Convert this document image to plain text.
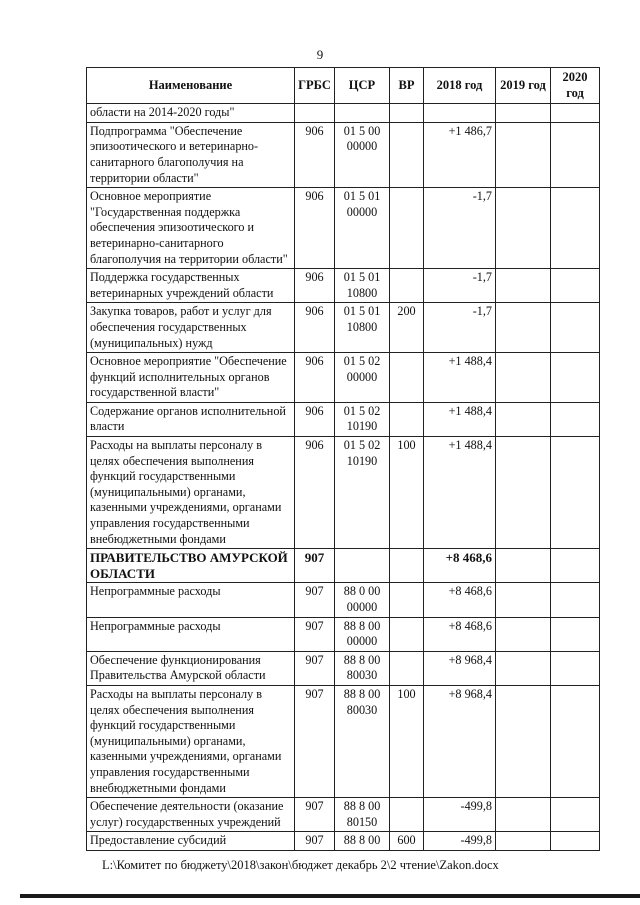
9
Наименование	ГРБС	ЦСР	ВР	2018 год	2019 год	2020 год
области на 2014-2020 годы"						
Подпрограмма "Обеспечение эпизоотического и ветеринарно-санитарного благополучия на территории области"	906	01 5 00 00000		+1 486,7		
Основное мероприятие "Государственная поддержка обеспечения эпизоотического и ветеринарно-санитарного благополучия на территории области"	906	01 5 01 00000		-1,7		
Поддержка государственных ветеринарных учреждений области	906	01 5 01 10800		-1,7		
Закупка товаров, работ и услуг для обеспечения государственных (муниципальных) нужд	906	01 5 01 10800	200	-1,7		
Основное мероприятие "Обеспечение функций исполнительных органов государственной власти"	906	01 5 02 00000		+1 488,4		
Содержание органов исполнительной власти	906	01 5 02 10190		+1 488,4		
Расходы на выплаты персоналу в целях обеспечения выполнения функций государственными (муниципальными) органами, казенными учреждениями, органами управления государственными внебюджетными фондами	906	01 5 02 10190	100	+1 488,4		
ПРАВИТЕЛЬСТВО АМУРСКОЙ ОБЛАСТИ	907			+8 468,6		
Непрограммные расходы	907	88 0 00 00000		+8 468,6		
Непрограммные расходы	907	88 8 00 00000		+8 468,6		
Обеспечение функционирования Правительства Амурской области	907	88 8 00 80030		+8 968,4		
Расходы на выплаты персоналу в целях обеспечения выполнения функций государственными (муниципальными) органами, казенными учреждениями, органами управления государственными внебюджетными фондами	907	88 8 00 80030	100	+8 968,4		
Обеспечение деятельности (оказание услуг) государственных учреждений	907	88 8 00 80150		-499,8		
Предоставление субсидий	907	88 8 00	600	-499,8		
L:\Комитет по бюджету\2018\закон\бюджет декабрь 2\2 чтение\Zakon.docx
